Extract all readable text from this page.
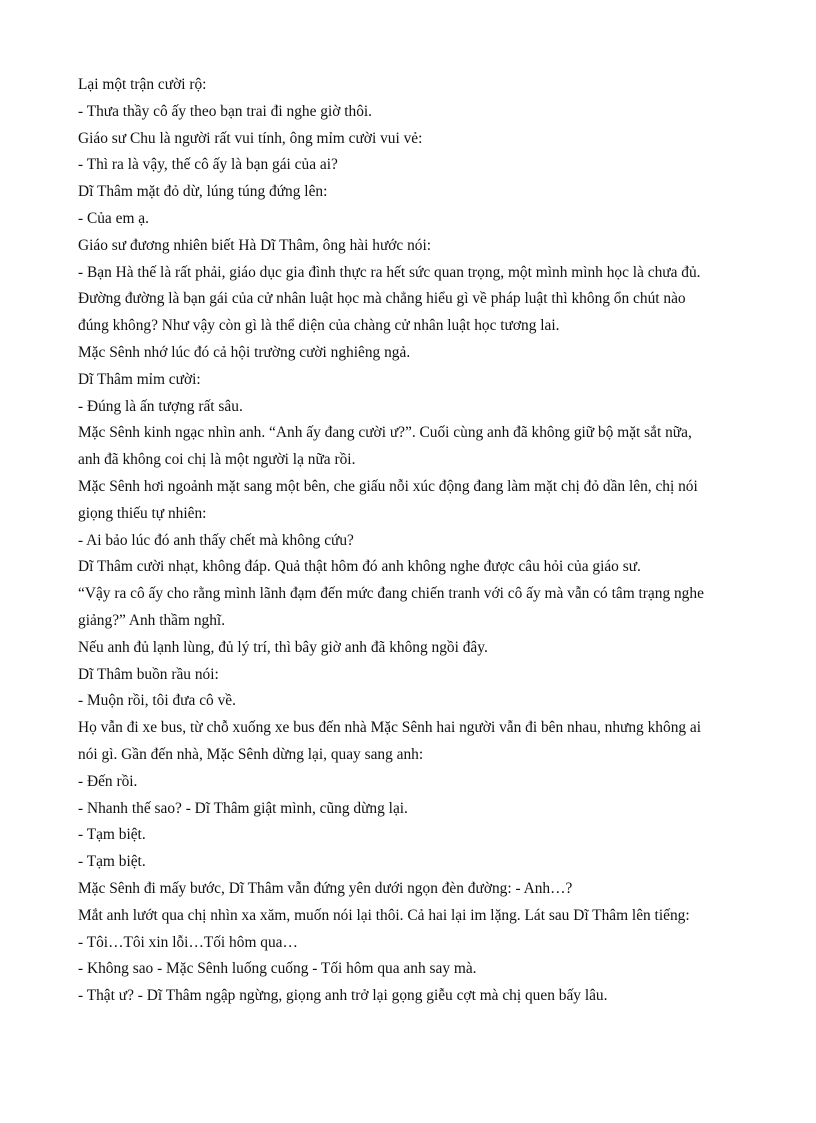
Lại một trận cười rộ:

- Thưa thầy cô ấy theo bạn trai đi nghe giờ thôi.

Giáo sư Chu là người rất vui tính, ông mỉm cười vui vẻ:

- Thì ra là vậy, thế cô ấy là bạn gái của ai?

Dĩ Thâm mặt đỏ dừ, lúng túng đứng lên:

- Của em ạ.

Giáo sư đương nhiên biết Hà Dĩ Thâm, ông hài hước nói:

- Bạn Hà thế là rất phải, giáo dục gia đình thực ra hết sức quan trọng, một mình mình học là chưa đủ.

Đường đường là bạn gái của cử nhân luật học mà chẳng hiểu gì về pháp luật thì không ổn chút nào

đúng không? Như vậy còn gì là thể diện của chàng cử nhân luật học tương lai.

Mặc Sênh nhớ lúc đó cả hội trường cười nghiêng ngả.

Dĩ Thâm mỉm cười:

- Đúng là ấn tượng rất sâu.

Mặc Sênh kinh ngạc nhìn anh. “Anh ấy đang cười ư?”. Cuối cùng anh đã không giữ bộ mặt sắt nữa,

anh đã không coi chị là một người lạ nữa rồi.

Mặc Sênh hơi ngoảnh mặt sang một bên, che giấu nỗi xúc động đang làm mặt chị đỏ dần lên, chị nói

giọng thiếu tự nhiên:

- Ai bảo lúc đó anh thấy chết mà không cứu?

Dĩ Thâm cười nhạt, không đáp. Quả thật hôm đó anh không nghe được câu hỏi của giáo sư.

“Vậy ra cô ấy cho rằng mình lãnh đạm đến mức đang chiến tranh với cô ấy mà vẫn có tâm trạng nghe

giảng?” Anh thầm nghĩ.

Nếu anh đủ lạnh lùng, đủ lý trí, thì bây giờ anh đã không ngồi đây.

Dĩ Thâm buồn rầu nói:

- Muộn rồi, tôi đưa cô về.

Họ vẫn đi xe bus, từ chỗ xuống xe bus đến nhà Mặc Sênh hai người vẫn đi bên nhau, nhưng không ai

nói gì. Gần đến nhà, Mặc Sênh dừng lại, quay sang anh:

- Đến rồi.

- Nhanh thế sao? - Dĩ Thâm giật mình, cũng dừng lại.

- Tạm biệt.

- Tạm biệt.

Mặc Sênh đi mấy bước, Dĩ Thâm vẫn đứng yên dưới ngọn đèn đường: - Anh…?

Mắt anh lướt qua chị nhìn xa xăm, muốn nói lại thôi. Cả hai lại im lặng. Lát sau Dĩ Thâm lên tiếng:

- Tôi…Tôi xin lỗi…Tối hôm qua…

- Không sao - Mặc Sênh luống cuống - Tối hôm qua anh say mà.

- Thật ư? - Dĩ Thâm ngập ngừng, giọng anh trở lại gọng giễu cợt mà chị quen bấy lâu.
